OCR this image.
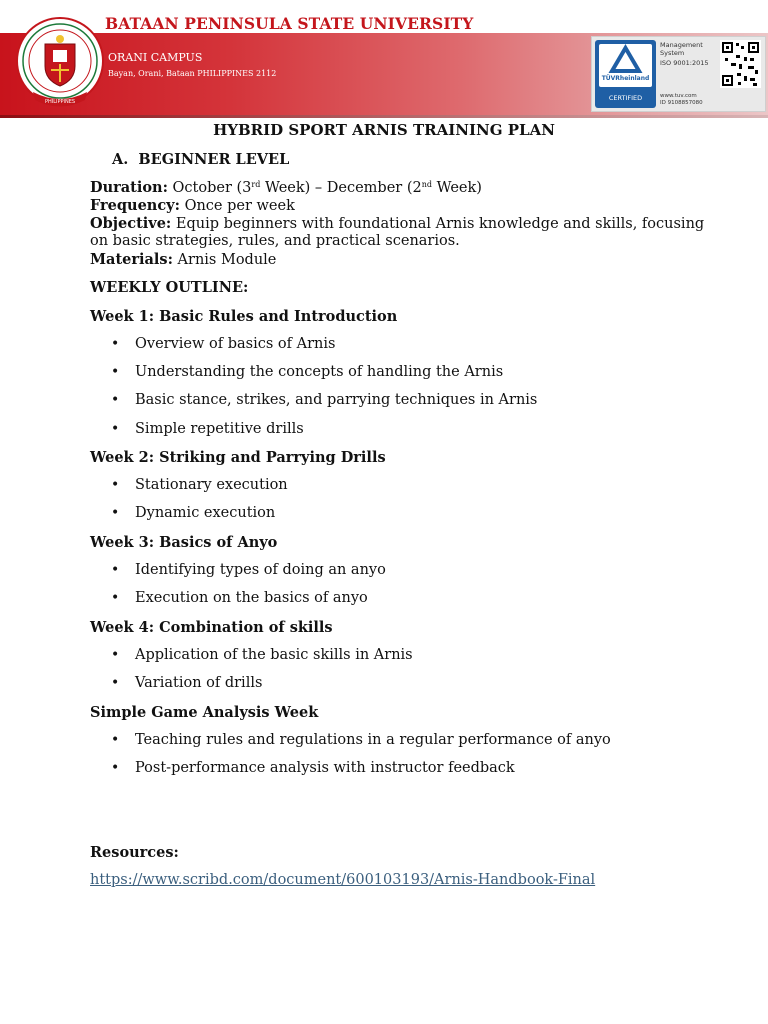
BATAAN PENINSULA STATE UNIVERSITY
ORANI CAMPUS
Bayan, Orani, Bataan PHILIPPINES 2112
PHILIPPINES
TÜVRheinland
CERTIFIED
Management
System
ISO 9001:2015
www.tuv.com
ID 9108857080
HYBRID SPORT ARNIS TRAINING PLAN
A. BEGINNER LEVEL
Duration: October (3rd Week) – December (2nd Week)
Frequency: Once per week
Objective: Equip beginners with foundational Arnis knowledge and skills, focusing
on basic strategies, rules, and practical scenarios.
Materials: Arnis Module
WEEKLY OUTLINE:
Week 1: Basic Rules and Introduction
• Overview of basics of Arnis
• Understanding the concepts of handling the Arnis
• Basic stance, strikes, and parrying techniques in Arnis
• Simple repetitive drills
Week 2: Striking and Parrying Drills
• Stationary execution
• Dynamic execution
Week 3: Basics of Anyo
• Identifying types of doing an anyo
• Execution on the basics of anyo
Week 4: Combination of skills
• Application of the basic skills in Arnis
• Variation of drills
Simple Game Analysis Week
• Teaching rules and regulations in a regular performance of anyo
• Post-performance analysis with instructor feedback
Resources:
https://www.scribd.com/document/600103193/Arnis-Handbook-Final
